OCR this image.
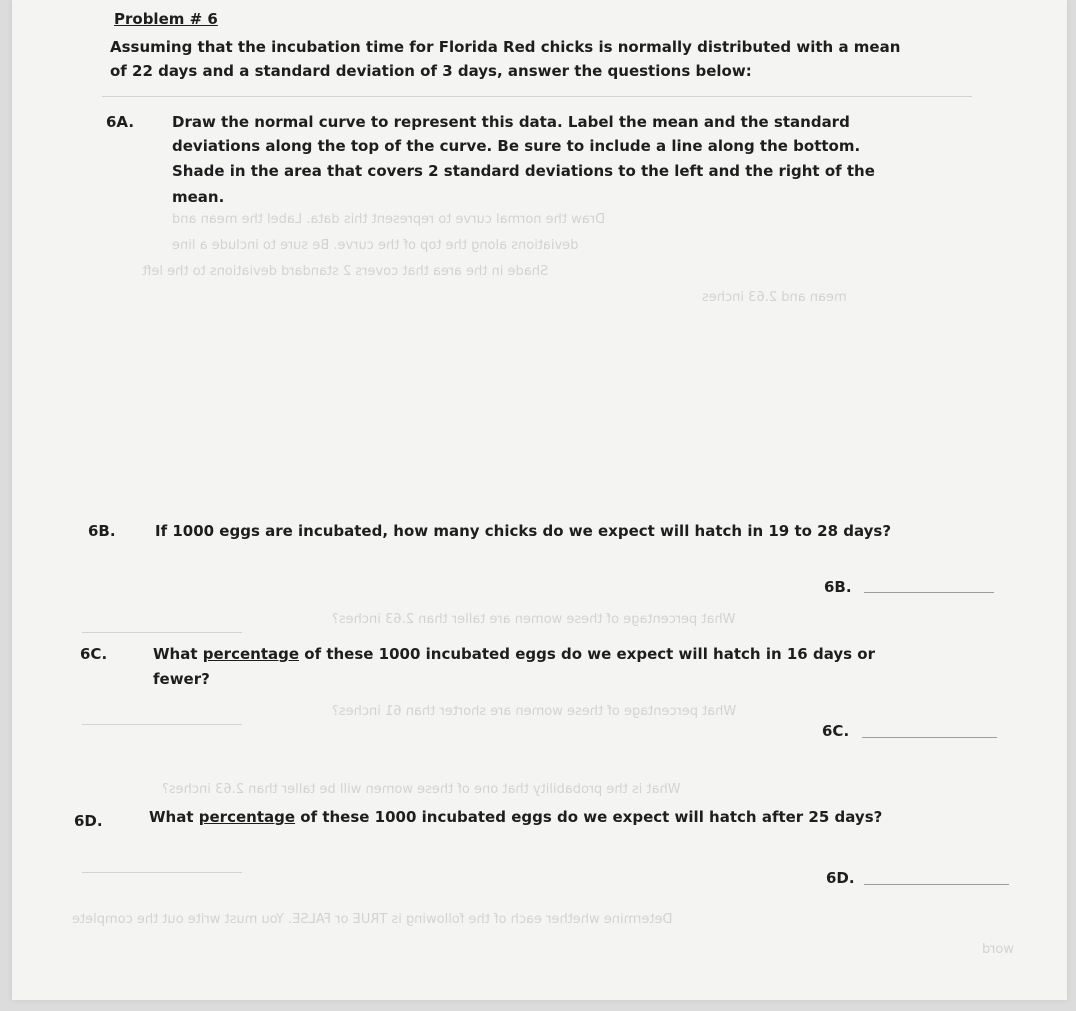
Draw the normal curve to represent this data. Label the mean and
deviations along the top of the curve. Be sure to include a line
Shade in the area that covers 2 standard deviations to the left
mean and 2.63 inches
What percentage of these women are taller than 2.63 inches?
What percentage of these women are shorter than 61 inches?
What is the probability that one of these women will be taller than 2.63 inches?
Determine whether each of the following is TRUE or FALSE. You must write out the complete
word
Problem # 6
Assuming that the incubation time for Florida Red chicks is normally distributed with a mean
of 22 days and a standard deviation of 3 days, answer the questions below:
6A.	Draw the normal curve to represent this data. Label the mean and the standard
deviations along the top of the curve. Be sure to include a line along the bottom.
Shade in the area that covers 2 standard deviations to the left and the right of the
mean.
6B.	If 1000 eggs are incubated, how many chicks do we expect will hatch in 19 to 28 days?
6B.
6C.	What percentage of these 1000 incubated eggs do we expect will hatch in 16 days or
fewer?
6C.
6D.	What percentage of these 1000 incubated eggs do we expect will hatch after 25 days?
6D.
